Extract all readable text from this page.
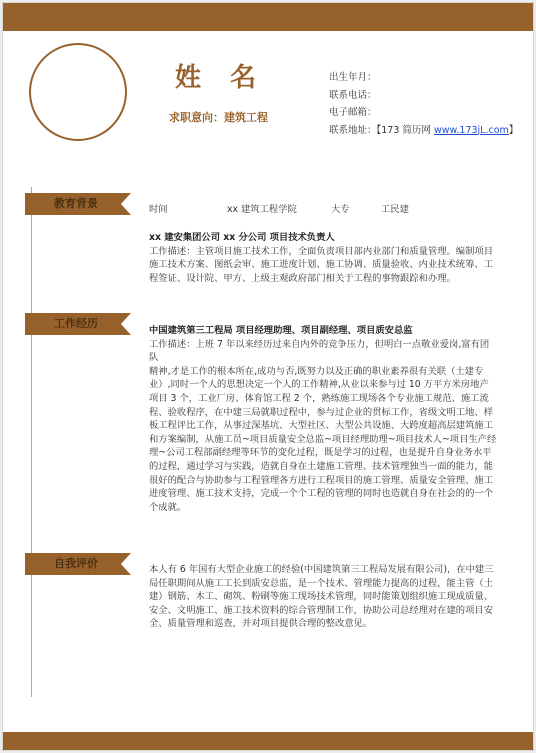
姓 名
求职意向：建筑工程
出生年月：
联系电话：
电子邮箱：
联系地址：【173 简历网 www.173jL.com】
教育背景	时间	xx 建筑工程学院	大专	工民建

xx 建安集团公司 xx 分公司 项目技术负责人

工作描述：主管项目施工技术工作，全面负责项目部内业部门和质量管理。编制项目施工技术方案、图纸会审、施工进度计划、施工协调、质量验收、内业技术统筹、工程签证、设计院、甲方、上级主观政府部门相关于工程的事物跟踪和办理。

工作经历

中国建筑第三工程局 项目经理助理、项目副经理、项目质安总监

工作描述：上班 7 年以来经历过来自内外的竞争压力，但明白一点敬业爱岗,富有团队

精神,才是工作的根本所在,成功与否,既努力以及正确的职业素养很有关联（土建专业）,同时一个人的思想决定一个人的工作精神,从业以来参与过 10 万平方米房地产项目 3 个，工业厂房、体育馆工程 2 个，熟练施工现场各个专业施工规范、施工流程、验收程序，在中建三局就职过程中，参与过企业的贯标工作，省级文明工地、样板工程评比工作，从事过深基坑、大型社区、大型公共设施、大跨度超高层建筑施工和方案编制，从施工员~项目质量安全总监~项目经理助理~项目技术人~项目生产经理~公司工程部副经理等环节的变化过程，既是学习的过程，也是提升自身业务水平的过程，通过学习与实践，造就自身在土建施工管理、技术管理独当一面的能力，能很好的配合与协助参与工程管理各方进行工程项目的施工管理、质量安全管理、施工进度管理、施工技术支持，完成一个个工程的管理的同时也造就自身在社会的的一个个成就。

自我评价	本人有 6 年国有大型企业施工的经验(中国建筑第三工程局发展有限公司)，在中建三局任职期间从施工工长到质安总监，是一个技术、管理能力提高的过程，能主管（土建）钢筋、木工、砌筑、粉刷等施工现场技术管理，同时能策划组织施工现成质量、安全、文明施工、施工技术资料的综合管理制工作，协助公司总经理对在建的项目安全、质量管理和巡查，并对项目提供合理的整改意见。
